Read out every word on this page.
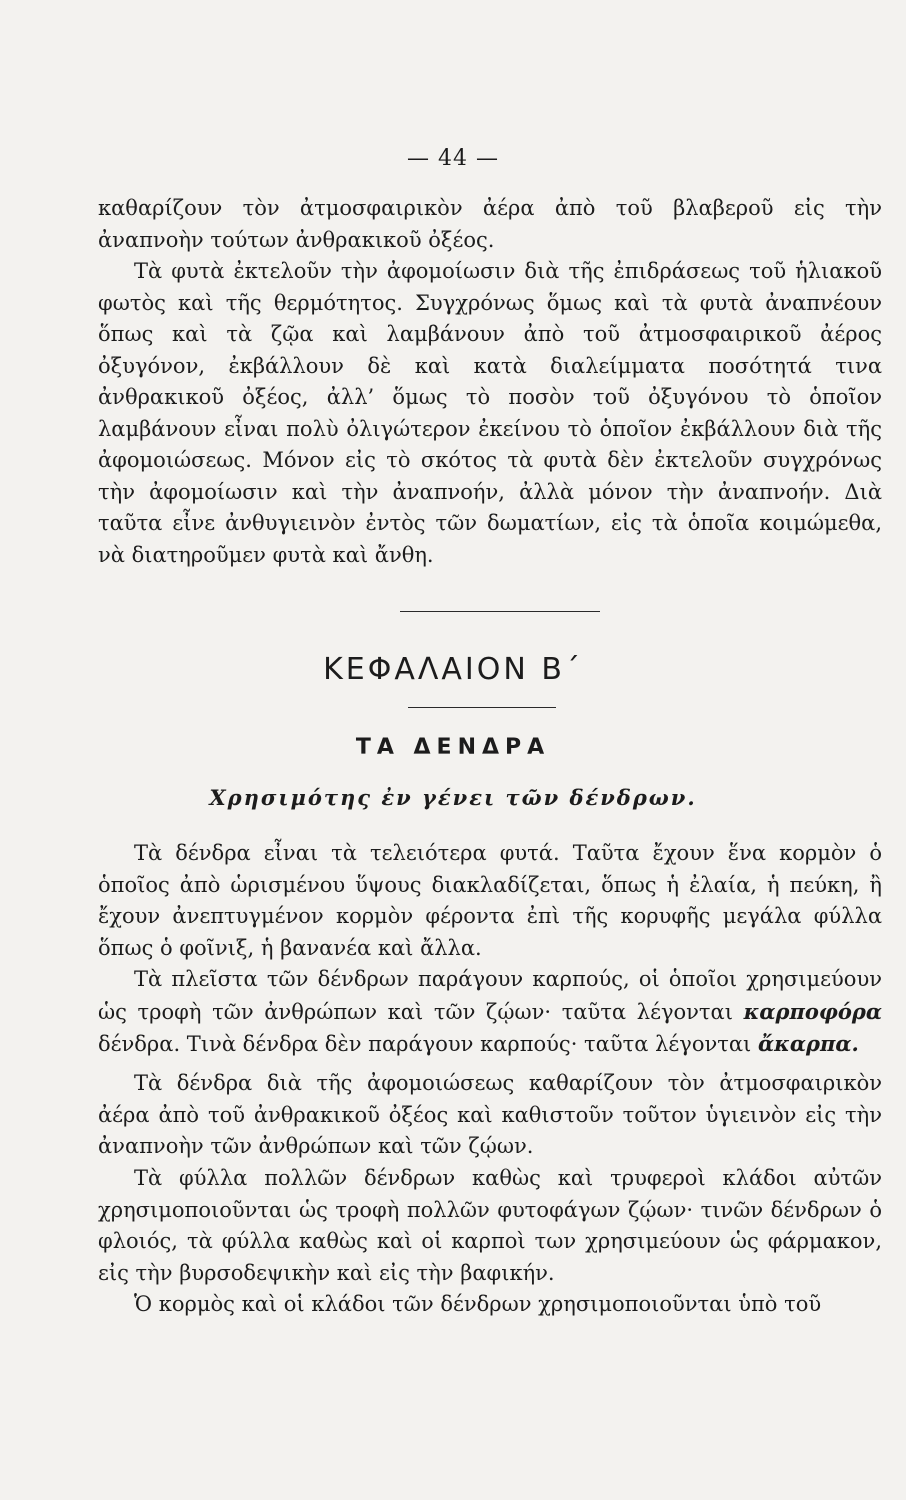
— 44 —

καθαρίζουν τὸν ἀτμοσφαιρικὸν ἀέρα ἀπὸ τοῦ βλαβεροῦ εἰς τὴν ἀναπνοὴν τούτων ἀνθρακικοῦ ὀξέος.

Τὰ φυτὰ ἐκτελοῦν τὴν ἀφομοίωσιν διὰ τῆς ἐπιδράσεως τοῦ ἡλιακοῦ φωτὸς καὶ τῆς θερμότητος. Συγχρόνως ὅμως καὶ τὰ φυτὰ ἀναπνέουν ὅπως καὶ τὰ ζῷα καὶ λαμβάνουν ἀπὸ τοῦ ἀτμοσφαιρικοῦ ἀέρος ὀξυγόνον, ἐκβάλλουν δὲ καὶ κατὰ διαλείμματα ποσότητά τινα ἀνθρακικοῦ ὀξέος, ἀλλ’ ὅμως τὸ ποσὸν τοῦ ὀξυγόνου τὸ ὁποῖον λαμβάνουν εἶναι πολὺ ὀλιγώτερον ἐκείνου τὸ ὁποῖον ἐκβάλλουν διὰ τῆς ἀφομοιώσεως. Μόνον εἰς τὸ σκότος τὰ φυτὰ δὲν ἐκτελοῦν συγχρόνως τὴν ἀφομοίωσιν καὶ τὴν ἀναπνοήν, ἀλλὰ μόνον τὴν ἀναπνοήν. Διὰ ταῦτα εἶνε ἀνθυγιεινὸν ἐντὸς τῶν δωματίων, εἰς τὰ ὁποῖα κοιμώμεθα, νὰ διατηροῦμεν φυτὰ καὶ ἄνθη.

ΚΕΦΑΛΑΙΟΝ Β΄
ΤΑ ΔΕΝΔΡΑ
Χρησιμότης ἐν γένει τῶν δένδρων.

Τὰ δένδρα εἶναι τὰ τελειότερα φυτά. Ταῦτα ἔχουν ἕνα κορμὸν ὁ ὁποῖος ἀπὸ ὡρισμένου ὕψους διακλαδίζεται, ὅπως ἡ ἐλαία, ἡ πεύκη, ἢ ἔχουν ἀνεπτυγμένον κορμὸν φέροντα ἐπὶ τῆς κορυφῆς μεγάλα φύλλα ὅπως ὁ φοῖνιξ, ἡ βανανέα καὶ ἄλλα.

Τὰ πλεῖστα τῶν δένδρων παράγουν καρπούς, οἱ ὁποῖοι χρησιμεύουν ὡς τροφὴ τῶν ἀνθρώπων καὶ τῶν ζῴων· ταῦτα λέγονται καρποφόρα δένδρα. Τινὰ δένδρα δὲν παράγουν καρπούς· ταῦτα λέγονται ἄκαρπα.

Τὰ δένδρα διὰ τῆς ἀφομοιώσεως καθαρίζουν τὸν ἀτμοσφαιρικὸν ἀέρα ἀπὸ τοῦ ἀνθρακικοῦ ὀξέος καὶ καθιστοῦν τοῦτον ὑγιεινὸν εἰς τὴν ἀναπνοὴν τῶν ἀνθρώπων καὶ τῶν ζῴων.

Τὰ φύλλα πολλῶν δένδρων καθὼς καὶ τρυφεροὶ κλάδοι αὐτῶν χρησιμοποιοῦνται ὡς τροφὴ πολλῶν φυτοφάγων ζῴων· τινῶν δένδρων ὁ φλοιός, τὰ φύλλα καθὼς καὶ οἱ καρποὶ των χρησιμεύουν ὡς φάρμακον, εἰς τὴν βυρσοδεψικὴν καὶ εἰς τὴν βαφικήν.

Ὁ κορμὸς καὶ οἱ κλάδοι τῶν δένδρων χρησιμοποιοῦνται ὑπὸ τοῦ
